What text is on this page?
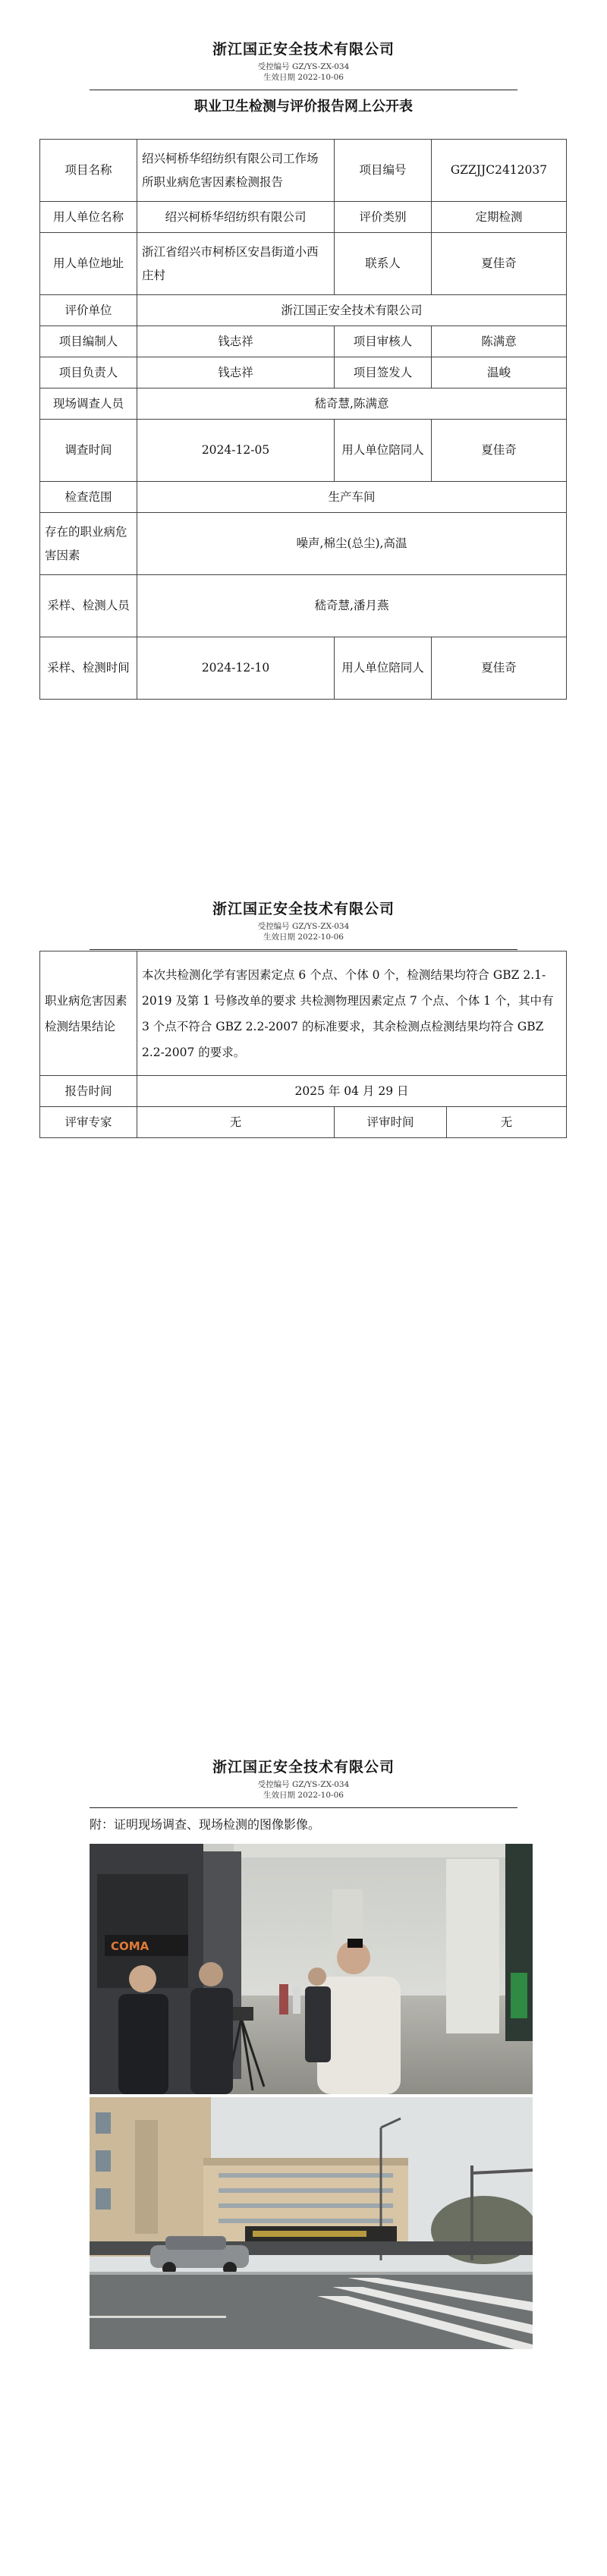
浙江国正安全技术有限公司
受控编号 GZ/YS-ZX-034
生效日期 2022-10-06
职业卫生检测与评价报告网上公开表
项目名称	绍兴柯桥华绍纺织有限公司工作场所职业病危害因素检测报告	项目编号	GZZJJC2412037
用人单位名称	绍兴柯桥华绍纺织有限公司	评价类别	定期检测
用人单位地址	浙江省绍兴市柯桥区安昌街道小西庄村	联系人	夏佳奇
评价单位	浙江国正安全技术有限公司		
项目编制人	钱志祥	项目审核人	陈满意
项目负责人	钱志祥	项目签发人	温峻
现场调查人员	嵇奇慧,陈满意		
调查时间	2024-12-05	用人单位陪同人	夏佳奇
检查范围	生产车间		
存在的职业病危害因素	噪声,棉尘(总尘),高温		
采样、检测人员	嵇奇慧,潘月燕		
采样、检测时间	2024-12-10	用人单位陪同人	夏佳奇
浙江国正安全技术有限公司
受控编号 GZ/YS-ZX-034
生效日期 2022-10-06
职业病危害因素检测结果结论	本次共检测化学有害因素定点 6 个点、个体 0 个，检测结果均符合 GBZ 2.1-2019 及第 1 号修改单的要求 共检测物理因素定点 7 个点、个体 1 个，其中有 3 个点不符合 GBZ 2.2-2007 的标准要求，其余检测点检测结果均符合 GBZ 2.2-2007 的要求。		
报告时间	2025 年 04 月 29 日		
评审专家	无	评审时间	无
浙江国正安全技术有限公司
受控编号 GZ/YS-ZX-034
生效日期 2022-10-06
附：证明现场调查、现场检测的图像影像。
COMA
